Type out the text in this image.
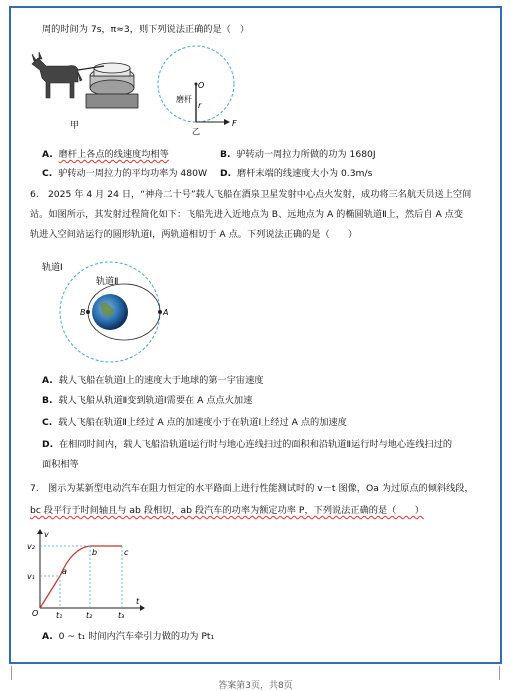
周的时间为 7s，π≈3，则下列说法正确的是（　）
甲
O
磨杆
r
F
乙
A. 磨杆上各点的线速度均相等	B. 驴转动一周拉力所做的功为 1680J
C. 驴转动一周拉力的平均功率为 480W D. 磨杆末端的线速度大小为 0.3m/s
6.　2025 年 4 月 24 日，“神舟二十号”载人飞船在酒泉卫星发射中心点火发射，成功将三名航天员送上空间
站。如图所示，其发射过程简化如下：飞船先进入近地点为 B、远地点为 A 的椭圆轨道Ⅱ上，然后自 A 点变
轨进入空间站运行的圆形轨道Ⅰ，两轨道相切于 A 点。下列说法正确的是（　　）
轨道Ⅰ
轨道Ⅱ
B	A
A. 载人飞船在轨道Ⅰ上的速度大于地球的第一宇宙速度
B. 载人飞船从轨道Ⅱ变到轨道Ⅰ需要在 A 点点火加速
C. 载人飞船在轨道Ⅱ上经过 A 点的加速度小于在轨道Ⅰ上经过 A 点的加速度
D. 在相同时间内，载人飞船沿轨道Ⅰ运行时与地心连线扫过的面积和沿轨道Ⅱ运行时与地心连线扫过的
面积相等
7.　图示为某新型电动汽车在阻力恒定的水平路面上进行性能测试时的 v－t 图像，Oa 为过原点的倾斜线段，
bc 段平行于时间轴且与 ab 段相切，ab 段汽车的功率为额定功率 P，下列说法正确的是（　　）
v
t
O
v₂
v₁
t₁	t₂	t₃
a
b	c
A. 0 ~ t₁ 时间内汽车牵引力做的功为 Pt₁
答案第3页，共8页
